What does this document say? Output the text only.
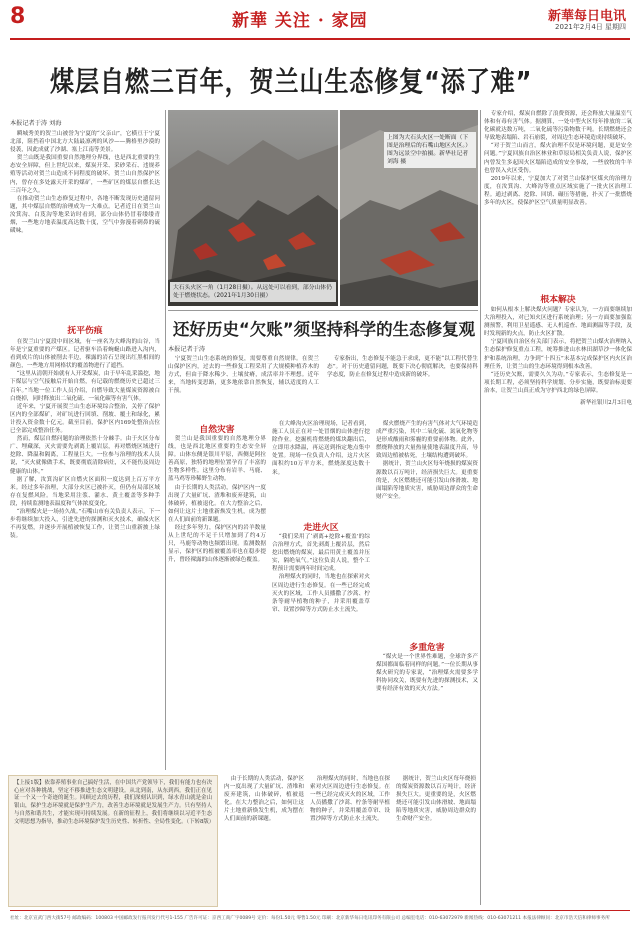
8	新華 关注 · 家园	新華每日电讯
2021年2月4日 星期四
煤层自燃三百年，贺兰山生态修复“添了难”
本报记者于涛 刘海

瞬城秀美的贺兰山被誉为宁夏的“父亲山”，它横亘于宁夏北部，阻挡着中国北方大陆最凛冽的风沙——腾格里沙漠的侵袭，因此成就了沙湖、塞上江南等美景。

贺兰山既是我国重要自然地理分界线，也是西北重要的生态安全屏障，但上世纪以来，煤炭开采、采砂采石、违规养殖等活动对贺兰山造成不同程度的破坏。贺兰山自然保护区内，曾存在多处露天开采的煤矿，一些矿区的煤层自燃长达三百年之久。

在推动贺兰山生态修复过程中，各地不断发现历史遗留问题，其中煤层自燃的治理成为一大难点。记者近日在贺兰山汝箕沟、白芨沟等地采访时看到，部分山体仍冒着缕缕青烟，一些地方地表温度高达数十度，空气中弥漫着刺鼻的硫磺味。

抚平伤痕

在贺兰山宁夏段中间区域，有一座名为大峰沟的山谷，当年是宁夏重要的产煤区。记者驱车沿着蜿蜒山路进入沟内，看到成片的山体被削去半边，裸露的岩石呈现出红黑相间的颜色，一些地方用网格状的覆盖物进行了遮挡。

“这里从清朝开始就有人开采煤炭，由于早年乱采滥挖，地下煤层与空气接触后开始自燃，有记载的燃烧历史已超过三百年。”当地一位工作人员介绍，自燃导致大量煤炭资源被白白烧掉，同时释放出二氧化硫、一氧化碳等有害气体。

近年来，宁夏开展贺兰山生态环境综合整治，关停了保护区内的全部煤矿，对矿坑进行回填、削坡、覆土和绿化，累计投入资金数十亿元。截至目前，保护区内169处整治点位已全部完成整治任务。

然而，煤层自燃问题的治理依然十分棘手。由于火区分布广、埋藏深，灭火需要先剥离上覆岩层，再对燃烧区域进行挖除、降温和隔离，工程量巨大。一位参与治理的技术人员说，“灭火就像做手术，既要彻底清除病灶，又不能伤及周边健康的山体。”

据了解，汝箕沟矿区自燃火区面积一度达到上百万平方米。经过多年治理，大部分火区已被扑灭，但仍有局部区域存在复燃风险。当地采用注浆、灌水、黄土覆盖等多种手段，持续监测地表温度和气体浓度变化。

“治理煤火是一场持久战。”石嘴山市有关负责人表示，下一步将继续加大投入，引进先进的探测和灭火技术，确保火区不再复燃，并逐步开展植被恢复工作，让贺兰山重新披上绿装。

大石头火区一角（1月28日摄）。从远处可以看到，部分山体仍处于燃烧状态。（2021年1月30日摄）
上图为大石头火区一处断面（下图是治理后的石嘴山地区火区。）图为远景空中拍摄。新华社记者刘海 摄

专家介绍，煤炭自燃除了浪费资源，还会释放大量温室气体和有毒有害气体。据测算，一处中型火区每年排放的二氧化碳就达数万吨，二氧化硫等污染物数千吨。长期燃烧还会导致地表塌陷、岩石崩裂，对周边生态环境造成持续破坏。

“对于贺兰山而言，煤火治理不仅是环境问题，更是安全问题。”宁夏回族自治区林业和草原局相关负责人说，保护区内曾发生多起因火区塌陷造成的安全事故，一些放牧的牛羊也曾误入火区受伤。

2019年以来，宁夏加大了对贺兰山保护区煤火的治理力度，在汝箕沟、大峰沟等重点区域实施了一批火区治理工程。通过剥离、挖除、回填、碾压等措施，扑灭了一批燃烧多年的火区，使保护区空气质量明显改善。

还好历史“欠账”须坚持科学的生态修复观
本报记者于涛

宁夏贺兰山生态系统的修复，需要尊重自然规律。在贺兰山保护区内，过去的一些修复工程采用了大规模种植乔木的方式，但由于降水稀少、土壤贫瘠，成活率并不理想。近年来，当地转变思路，更多地依靠自然恢复，辅以适度的人工干预。

专家指出，生态修复不能急于求成，更不能“以工程代替生态”。对于历史遗留问题，既要下决心彻底解决，也要保持科学态度，防止在修复过程中造成新的破坏。

自然灾害

贺兰山是我国重要的自然地理分界线，也是西北地区重要的生态安全屏障。山体东侧是银川平原，西侧是阿拉善高原，独特的地理位置孕育了丰富的生物多样性。这里分布有岩羊、马鹿、蓝马鸡等珍稀野生动物。

由于长期的人类活动，保护区内一度出现了大量矿坑、渣堆和废弃建筑，山体破碎，植被退化。在大力整治之后，如何让这片土地重新焕发生机，成为摆在人们面前的新课题。

经过多年努力，保护区内的岩羊数量从上世纪的不足千只增加到了约4万只，马鹿等动物也频繁出现。监测数据显示，保护区的植被覆盖率也在稳步提升，曾经裸露的山体逐渐被绿色覆盖。

走进火区

在大峰沟火区治理现场，记者看到，施工人员正在对一处冒烟的山体进行挖除作业。挖掘机将燃烧的煤块翻出后，立即用水降温，再运送到指定地点集中处置。现场一位负责人介绍，这片火区面积约10万平方米，燃烧深度达数十米。

“我们采用了‘剥离+挖除+覆盖’的综合治理方式，首先剥离上覆岩层，然后挖出燃烧的煤炭，最后用黄土覆盖并压实，隔绝氧气。”这位负责人说，整个工程预计需要两年时间完成。

治理煤火的同时，当地也在探索对火区周边进行生态修复。在一些已经完成灭火的区域，工作人员播撒了沙蒿、柠条等耐旱植物的种子，并采用覆盖草帘、设置沙障等方式防止水土流失。

多重危害

煤火燃烧产生的有害气体对大气环境造成严重污染，其中二氧化硫、氮氧化物等是形成酸雨和雾霾的重要前体物。此外，燃烧释放的大量热量使地表温度升高，导致周边植被枯死，土壤结构遭到破坏。

据统计，贺兰山火区每年烧损的煤炭资源数以百万吨计，经济损失巨大。更重要的是，火区燃烧还可能引发山体滑坡、地面塌陷等地质灾害，威胁周边群众的生命财产安全。

“煤火是一个世界性难题，全球许多产煤国都面临着同样的问题。”一位长期从事煤火研究的专家说，“治理煤火需要多学科协同攻关，既要有先进的探测技术，又要有经济有效的灭火方法。”

根本解决

如何从根本上解决煤火问题？专家认为，一方面要继续加大治理投入，对已知火区进行系统治理；另一方面要加强监测预警，利用卫星遥感、无人机巡查、地面测温等手段，及时发现新的火点，防止火区扩散。

宁夏回族自治区有关部门表示，将把贺兰山煤火治理纳入生态保护修复重点工程，统筹推进山水林田湖草沙一体化保护和系统治理，力争到“十四五”末基本完成保护区内火区治理任务，让贺兰山的生态环境得到根本改善。

“还历史欠账，需要久久为功。”专家表示，生态修复是一项长期工程，必须坚持科学规划、分步实施，既要治标更要治本，让贺兰山真正成为守护西北的绿色屏障。

新华社银川2月3日电

【上接1版】依靠养殖事业自己搞好生活，在中国共产党领导下，我们有能力也有决心应对各种挑战，坚定不移推进生态文明建设。从北到南，从东到西，我们正在见证一个又一个奇迹的诞生。回顾过去的历程，我们深刻认识到，绿水青山就是金山银山，保护生态环境就是保护生产力，改善生态环境就是发展生产力。只有坚持人与自然和谐共生，才能实现可持续发展。在新的征程上，我们将继续以习近平生态文明思想为指导，推动生态环境保护发生历史性、转折性、全局性变化。（下转8版）

由于长期的人类活动，保护区内一度出现了大量矿坑、渣堆和废弃建筑，山体破碎，植被退化。在大力整治之后，如何让这片土地重新焕发生机，成为摆在人们面前的新课题。

治理煤火的同时，当地也在探索对火区周边进行生态修复。在一些已经完成灭火的区域，工作人员播撒了沙蒿、柠条等耐旱植物的种子，并采用覆盖草帘、设置沙障等方式防止水土流失。

据统计，贺兰山火区每年烧损的煤炭资源数以百万吨计，经济损失巨大。更重要的是，火区燃烧还可能引发山体滑坡、地面塌陷等地质灾害，威胁周边群众的生命财产安全。

社址：北京宣武门西大街57号 邮政编码：100803 中国邮政发行报刊发行代号1-155 广告许可证：京西工商广字0089号 定价：每份1.50元 零售1.50元 印刷：北京新华每日电讯印务有限公司 总编室电话：010-63072979 新闻热线：010-63071211 本报法律顾问：北京市浩天信和律师事务所
